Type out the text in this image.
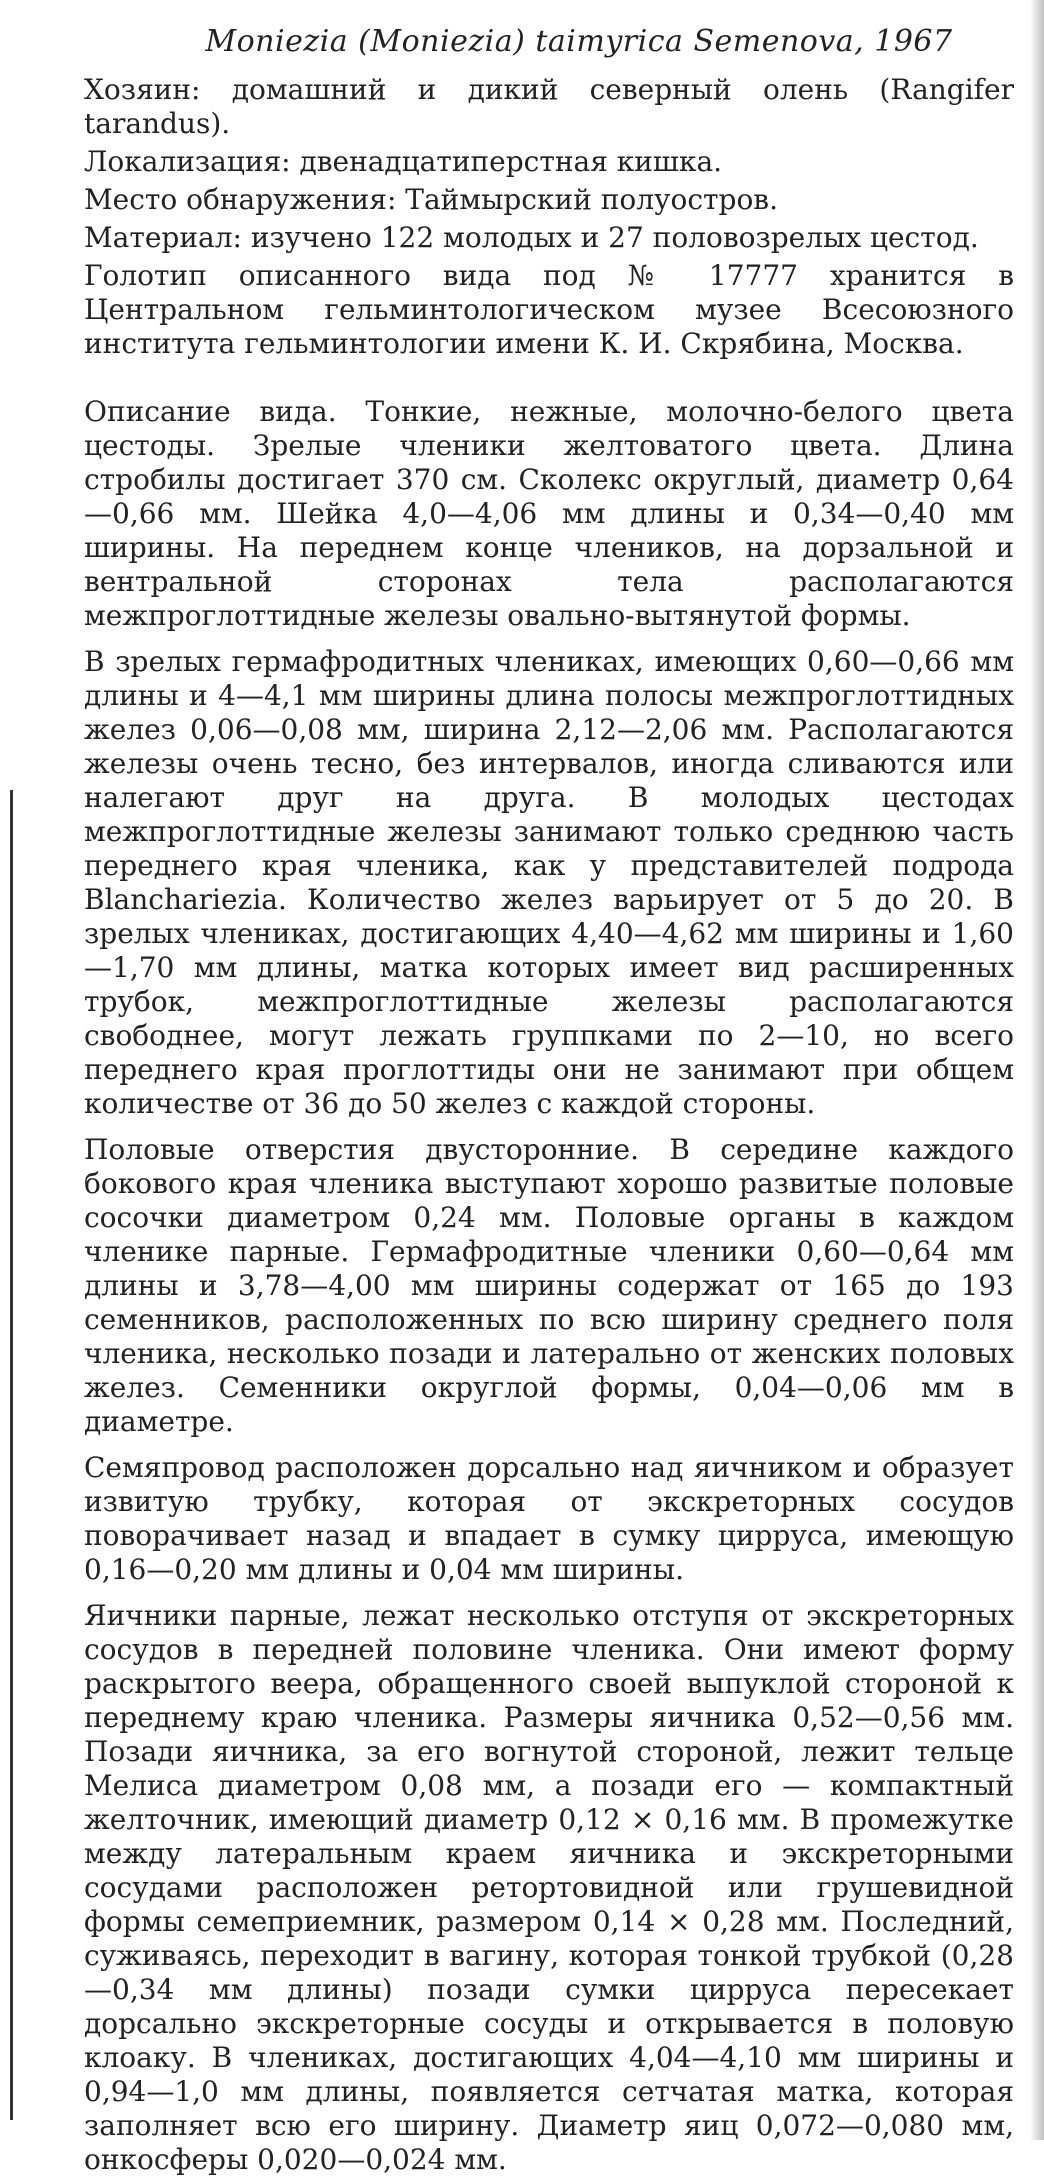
Moniezia (Moniezia) taimyrica Semenova, 1967

Хозяин: домашний и дикий северный олень (Rangifer tarandus).

Локализация: двенадцатиперстная кишка.

Место обнаружения: Таймырский полуостров.

Материал: изучено 122 молодых и 27 половозрелых цестод.

Голотип описанного вида под № 17777 хранится в Центральном гельминтологическом музее Всесоюзного института гельминтологии имени К. И. Скрябина, Москва.

Описание вида. Тонкие, нежные, молочно-белого цвета цестоды. Зрелые членики желтоватого цвета. Длина стробилы достигает 370 см. Сколекс округлый, диаметр 0,64—0,66 мм. Шейка 4,0—4,06 мм длины и 0,34—0,40 мм ширины. На переднем конце члеников, на дорзальной и вентральной сторонах тела располагаются межпроглоттидные железы овально-вытянутой формы.

В зрелых гермафродитных члениках, имеющих 0,60—0,66 мм длины и 4—4,1 мм ширины длина полосы межпроглоттидных желез 0,06—0,08 мм, ширина 2,12—2,06 мм. Располагаются железы очень тесно, без интервалов, иногда сливаются или налегают друг на друга. В молодых цестодах межпроглоттидные железы занимают только среднюю часть переднего края членика, как у представителей подрода Blanchariezia. Количество желез варьирует от 5 до 20. В зрелых члениках, достигающих 4,40—4,62 мм ширины и 1,60—1,70 мм длины, матка которых имеет вид расширенных трубок, межпроглоттидные железы располагаются свободнее, могут лежать группками по 2—10, но всего переднего края проглоттиды они не занимают при общем количестве от 36 до 50 желез с каждой стороны.

Половые отверстия двусторонние. В середине каждого бокового края членика выступают хорошо развитые половые сосочки диаметром 0,24 мм. Половые органы в каждом членике парные. Гермафродитные членики 0,60—0,64 мм длины и 3,78—4,00 мм ширины содержат от 165 до 193 семенников, расположенных по всю ширину среднего поля членика, несколько позади и латерально от женских половых желез. Семенники округлой формы, 0,04—0,06 мм в диаметре.

Семяпровод расположен дорсально над яичником и образует извитую трубку, которая от экскреторных сосудов поворачивает назад и впадает в сумку цирруса, имеющую 0,16—0,20 мм длины и 0,04 мм ширины.

Яичники парные, лежат несколько отступя от экскреторных сосудов в передней половине членика. Они имеют форму раскрытого веера, обращенного своей выпуклой стороной к переднему краю членика. Размеры яичника 0,52—0,56 мм. Позади яичника, за его вогнутой стороной, лежит тельце Мелиса диаметром 0,08 мм, а позади его — компактный желточник, имеющий диаметр 0,12 × 0,16 мм. В промежутке между латеральным краем яичника и экскреторными сосудами расположен ретортовидной или грушевидной формы семеприемник, размером 0,14 × 0,28 мм. Последний, суживаясь, переходит в вагину, которая тонкой трубкой (0,28—0,34 мм длины) позади сумки цирруса пересекает дорсально экскреторные сосуды и открывается в половую клоаку. В члениках, достигающих 4,04—4,10 мм ширины и 0,94—1,0 мм длины, появляется сетчатая матка, которая заполняет всю его ширину. Диаметр яиц 0,072—0,080 мм, онкосферы 0,020—0,024 мм.
